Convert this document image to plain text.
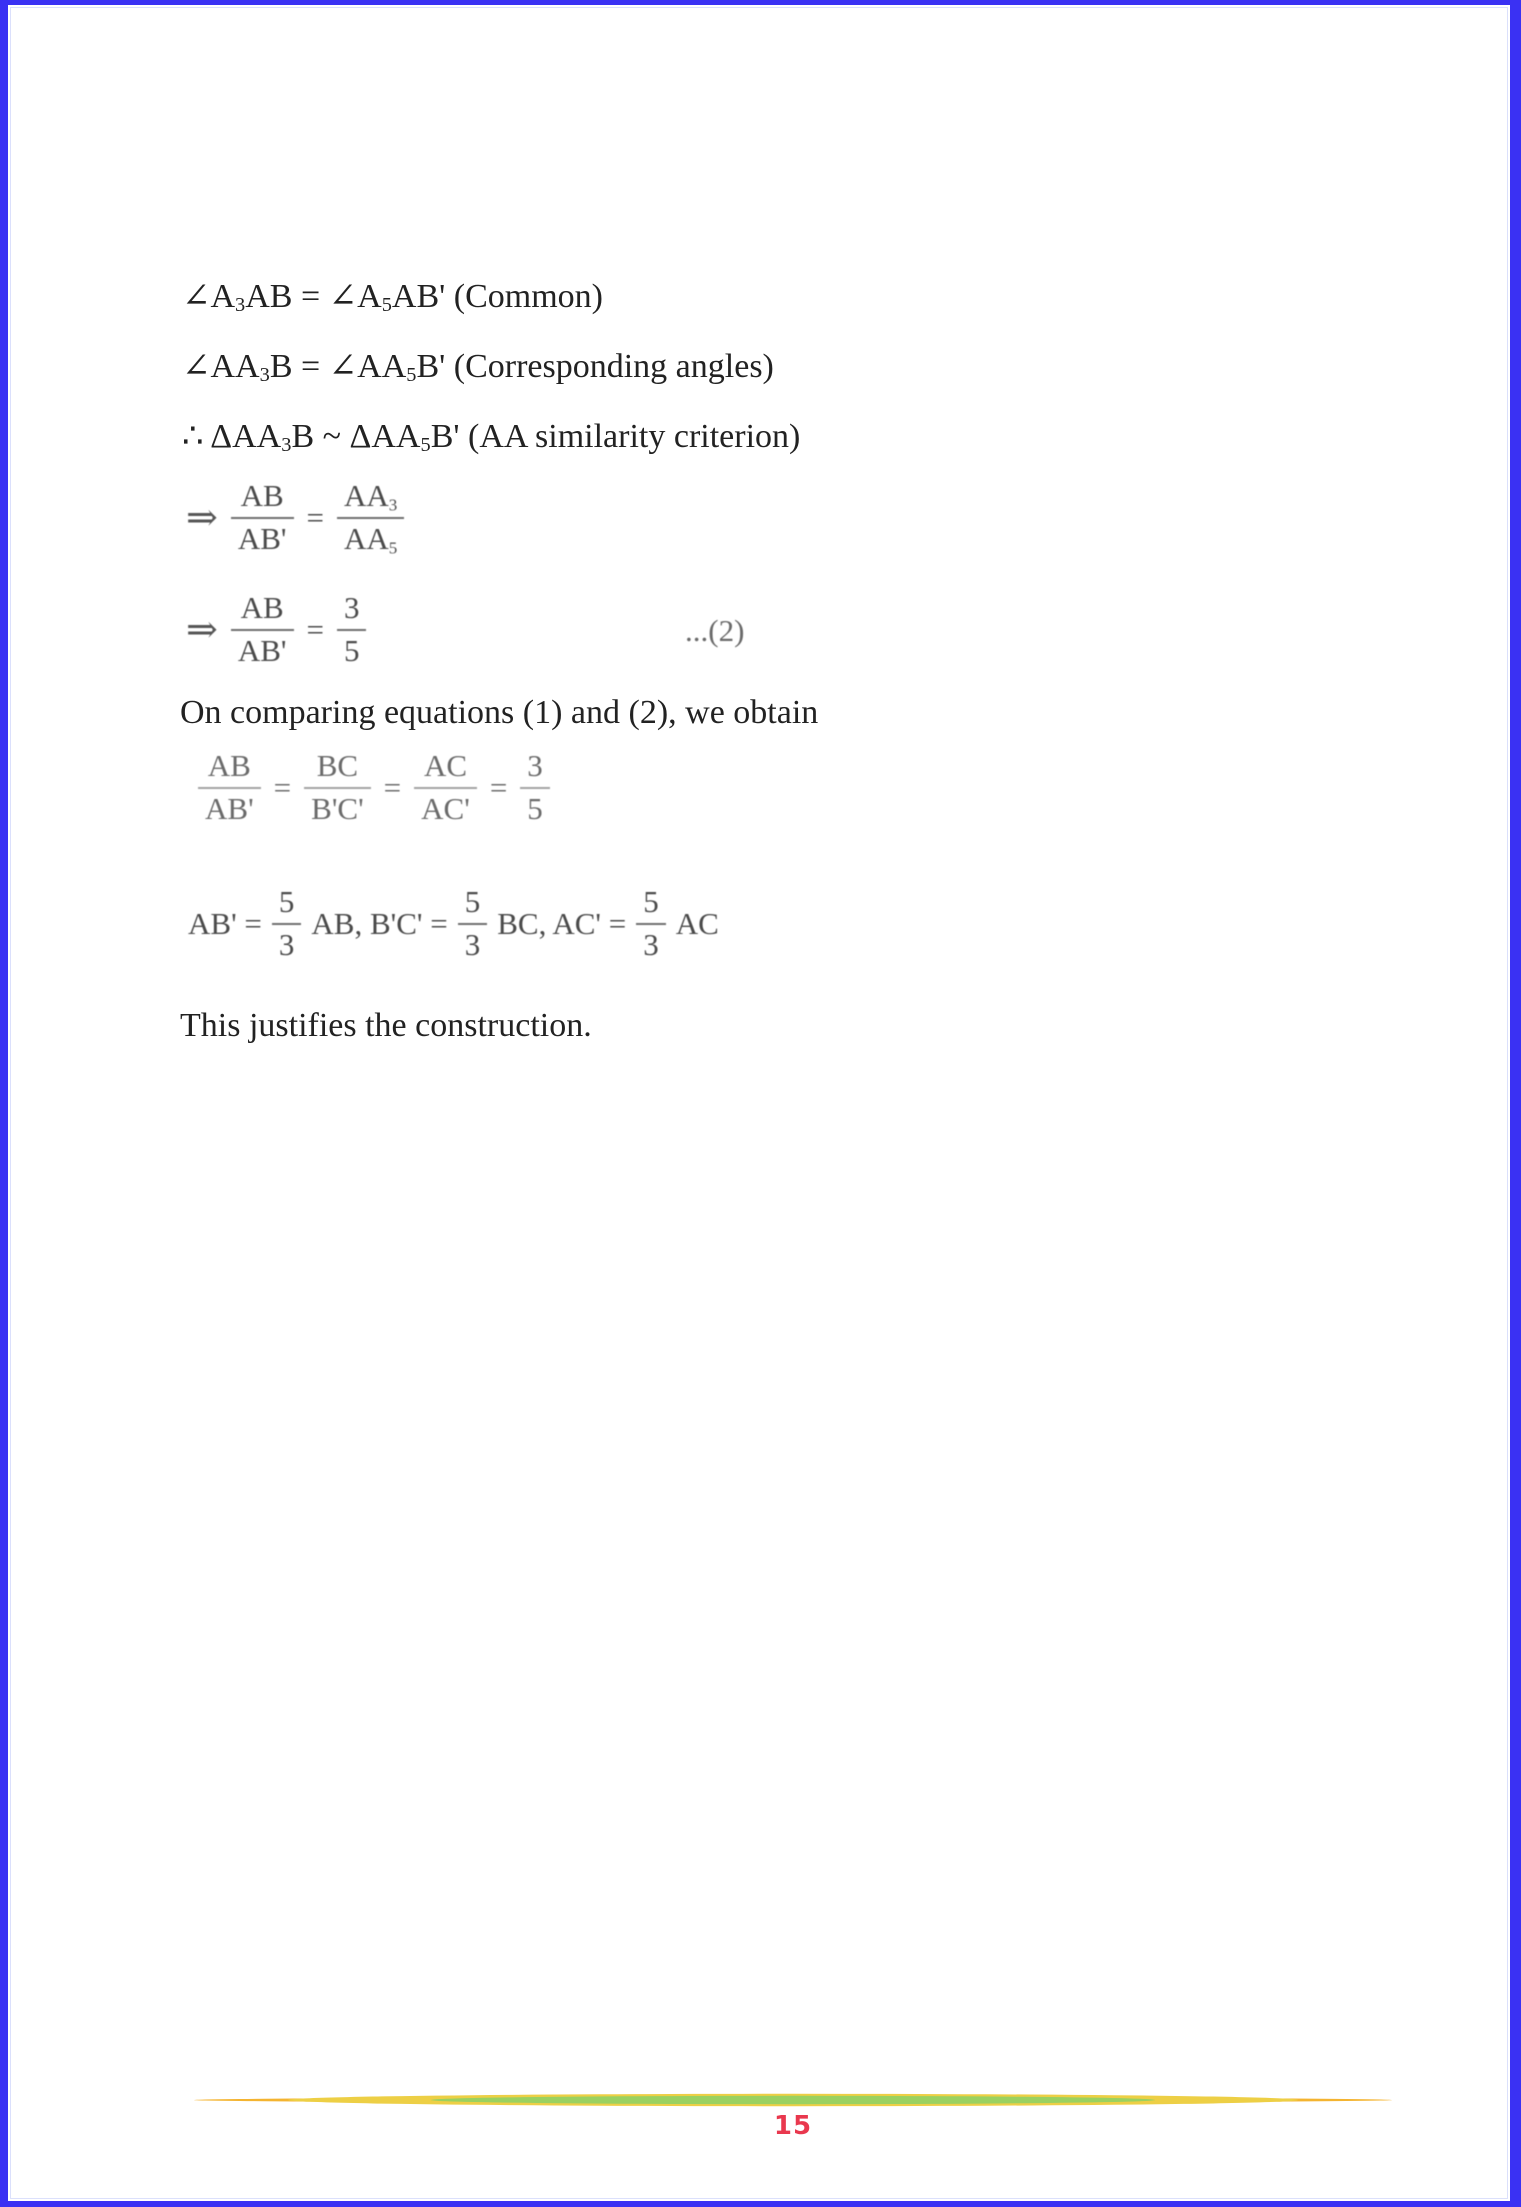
$\angle A_3AB$ = $\angle A_5AB'$ (Common)
$\angle AA_3B$ = $\angle AA_5B'$ (Corresponding angles)
∴ $\Delta AA_3B$ ~ $\Delta AA_5B'$ (AA similarity criterion)
⇒ $\frac{AB}{AB'} = \frac{AA_3}{AA_5}$
⇒ $\frac{AB}{AB'} = \frac{3}{5}$	...(2)
On comparing equations (1) and (2), we obtain
$\frac{AB}{AB'} = \frac{BC}{B'C'} = \frac{AC}{AC'} = \frac{3}{5}$
$AB' = \frac{5}{3}$ AB, $B'C' = \frac{5}{3}$ BC, $AC' = \frac{5}{3}$ AC
This justifies the construction.
15
